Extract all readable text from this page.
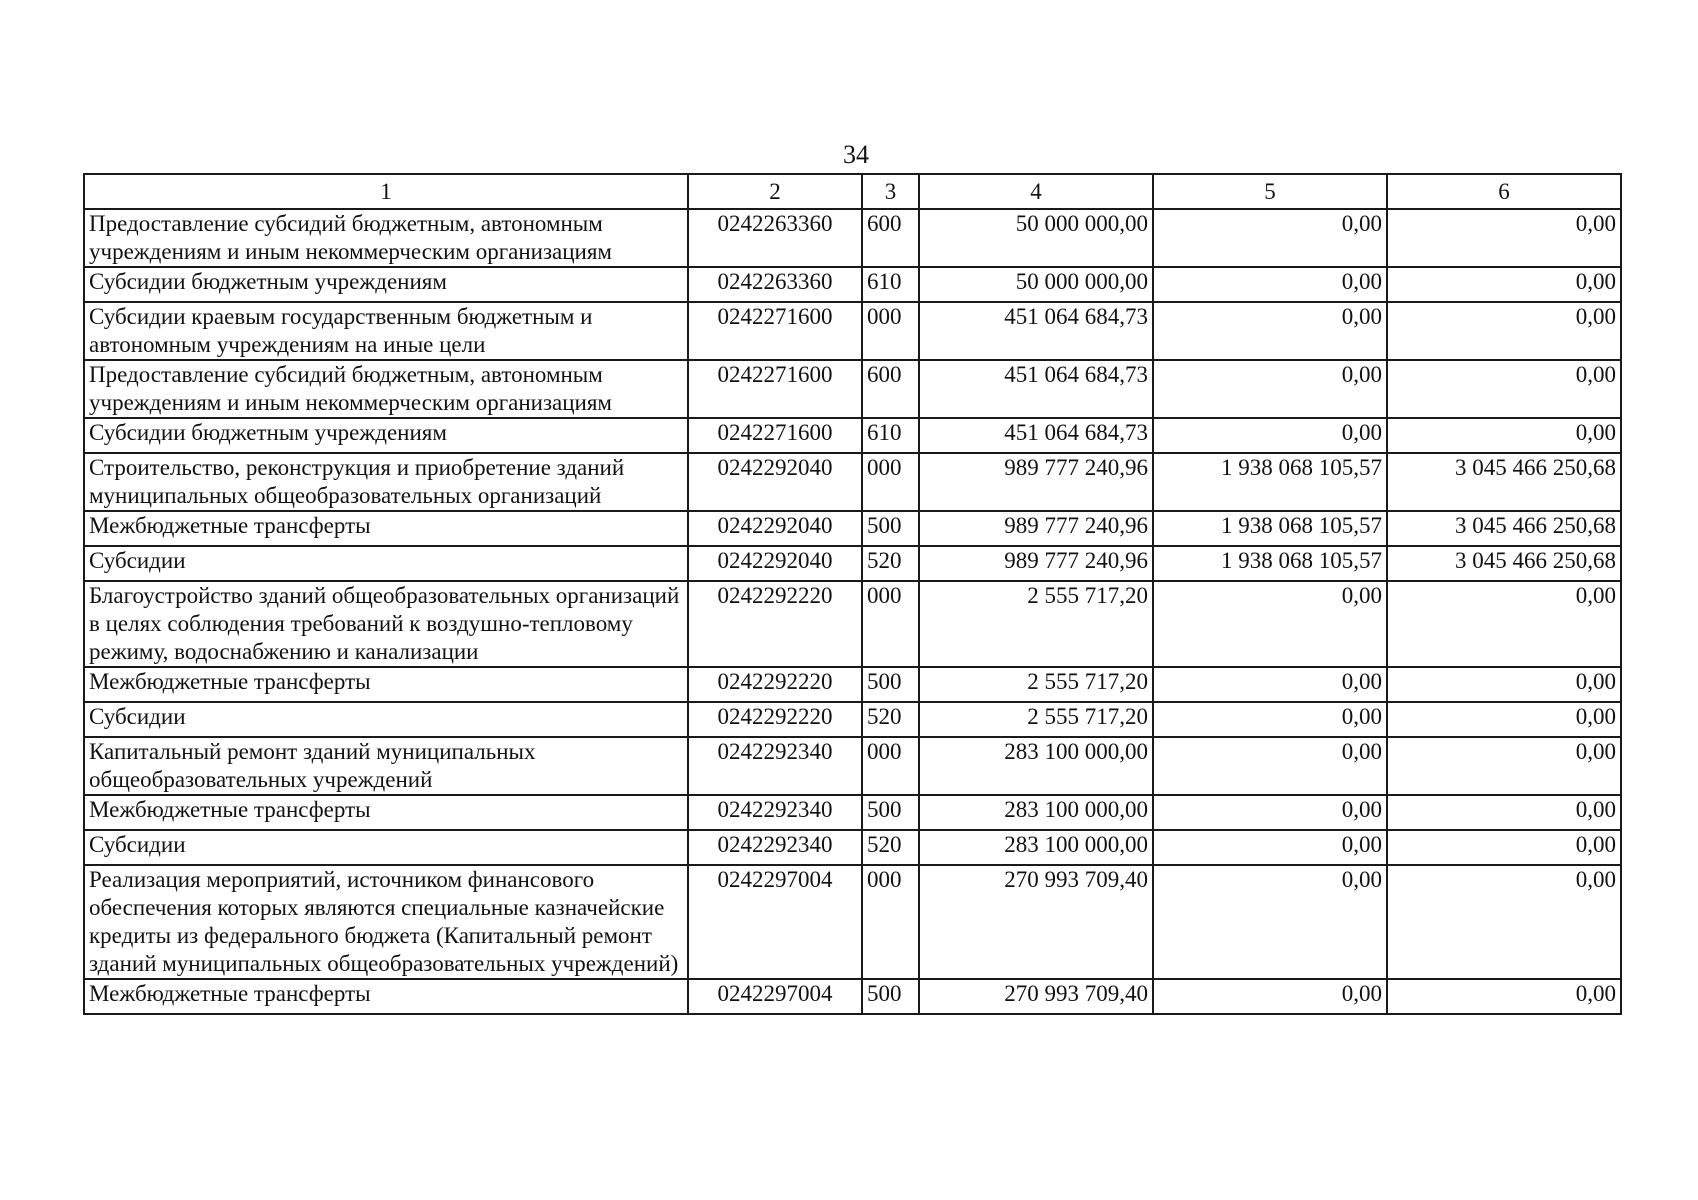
34
1	2	3	4	5	6
Предоставление субсидий бюджетным, автономным учреждениям и иным некоммерческим организациям	0242263360	600	50 000 000,00	0,00	0,00
Субсидии бюджетным учреждениям	0242263360	610	50 000 000,00	0,00	0,00
Субсидии краевым государственным бюджетным и автономным учреждениям на иные цели	0242271600	000	451 064 684,73	0,00	0,00
Предоставление субсидий бюджетным, автономным учреждениям и иным некоммерческим организациям	0242271600	600	451 064 684,73	0,00	0,00
Субсидии бюджетным учреждениям	0242271600	610	451 064 684,73	0,00	0,00
Строительство, реконструкция и приобретение зданий муниципальных общеобразовательных организаций	0242292040	000	989 777 240,96	1 938 068 105,57	3 045 466 250,68
Межбюджетные трансферты	0242292040	500	989 777 240,96	1 938 068 105,57	3 045 466 250,68
Субсидии	0242292040	520	989 777 240,96	1 938 068 105,57	3 045 466 250,68
Благоустройство зданий общеобразовательных организаций в целях соблюдения требований к воздушно-тепловому режиму, водоснабжению и канализации	0242292220	000	2 555 717,20	0,00	0,00
Межбюджетные трансферты	0242292220	500	2 555 717,20	0,00	0,00
Субсидии	0242292220	520	2 555 717,20	0,00	0,00
Капитальный ремонт зданий муниципальных общеобразовательных учреждений	0242292340	000	283 100 000,00	0,00	0,00
Межбюджетные трансферты	0242292340	500	283 100 000,00	0,00	0,00
Субсидии	0242292340	520	283 100 000,00	0,00	0,00
Реализация мероприятий, источником финансового обеспечения которых являются специальные казначейские кредиты из федерального бюджета (Капитальный ремонт зданий муниципальных общеобразовательных учреждений)	0242297004	000	270 993 709,40	0,00	0,00
Межбюджетные трансферты	0242297004	500	270 993 709,40	0,00	0,00
